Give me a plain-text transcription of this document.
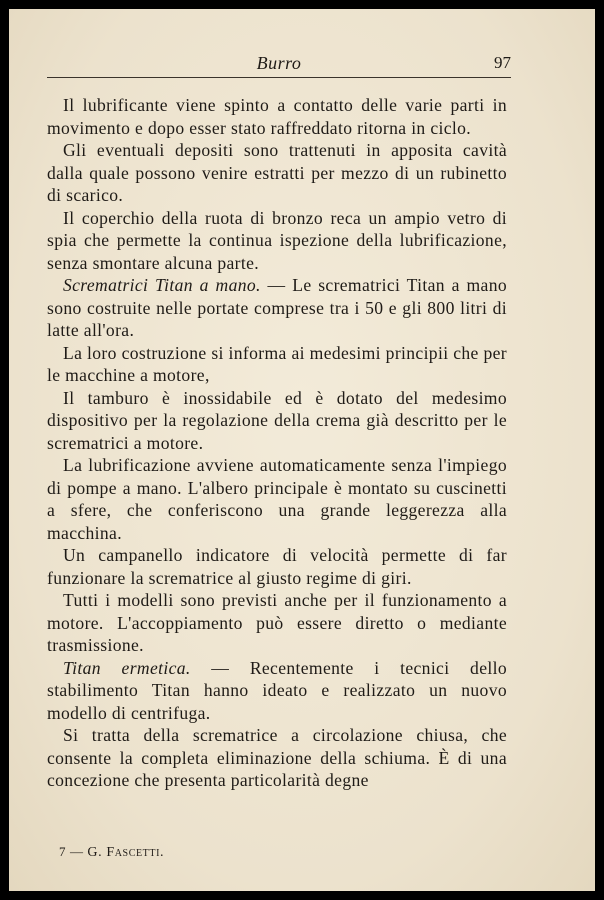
Burro	97

Il lubrificante viene spinto a contatto delle varie parti in movimento e dopo esser stato raffreddato ritorna in ciclo.

Gli eventuali depositi sono trattenuti in apposita cavità dalla quale possono venire estratti per mezzo di un rubinetto di scarico.

Il coperchio della ruota di bronzo reca un ampio vetro di spia che permette la continua ispezione della lubrificazione, senza smontare alcuna parte.

Scrematrici Titan a mano. — Le scrematrici Titan a mano sono costruite nelle portate comprese tra i 50 e gli 800 litri di latte all'ora.

La loro costruzione si informa ai medesimi principii che per le macchine a motore,

Il tamburo è inossidabile ed è dotato del medesimo dispositivo per la regolazione della crema già descritto per le scrematrici a motore.

La lubrificazione avviene automaticamente senza l'impiego di pompe a mano. L'albero principale è montato su cuscinetti a sfere, che conferiscono una grande leggerezza alla macchina.

Un campanello indicatore di velocità permette di far funzionare la scrematrice al giusto regime di giri.

Tutti i modelli sono previsti anche per il funzionamento a motore. L'accoppiamento può essere diretto o mediante trasmissione.

Titan ermetica. — Recentemente i tecnici dello stabilimento Titan hanno ideato e realizzato un nuovo modello di centrifuga.

Si tratta della scrematrice a circolazione chiusa, che consente la completa eliminazione della schiuma. È di una concezione che presenta particolarità degne

7 — G. Fascetti.
